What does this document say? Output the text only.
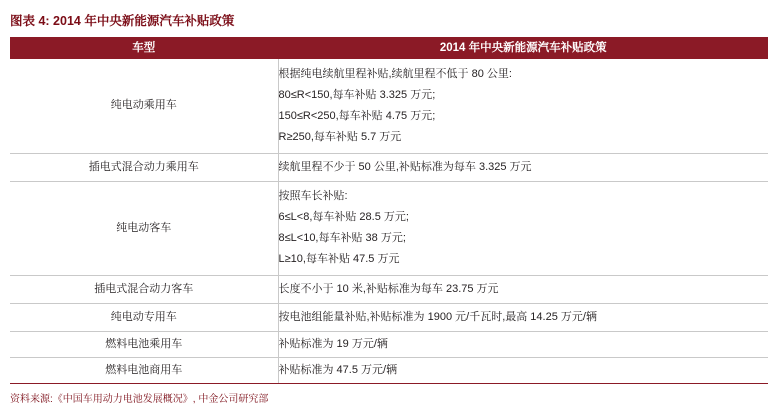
图表 4: 2014 年中央新能源汽车补贴政策
车型	2014 年中央新能源汽车补贴政策

纯电动乘用车	根据纯电续航里程补贴,续航里程不低于 80 公里:
80≤R<150,每车补贴 3.325 万元;
150≤R<250,每车补贴 4.75 万元;
R≥250,每车补贴 5.7 万元

插电式混合动力乘用车	续航里程不少于 50 公里,补贴标准为每车 3.325 万元

纯电动客车	按照车长补贴:
6≤L<8,每车补贴 28.5 万元;
8≤L<10,每车补贴 38 万元;
L≥10,每车补贴 47.5 万元

插电式混合动力客车	长度不小于 10 米,补贴标准为每车 23.75 万元

纯电动专用车	按电池组能量补贴,补贴标准为 1900 元/千瓦时,最高 14.25 万元/辆

燃料电池乘用车	补贴标准为 19 万元/辆

燃料电池商用车	补贴标准为 47.5 万元/辆
资料来源:《中国车用动力电池发展概况》, 中金公司研究部
